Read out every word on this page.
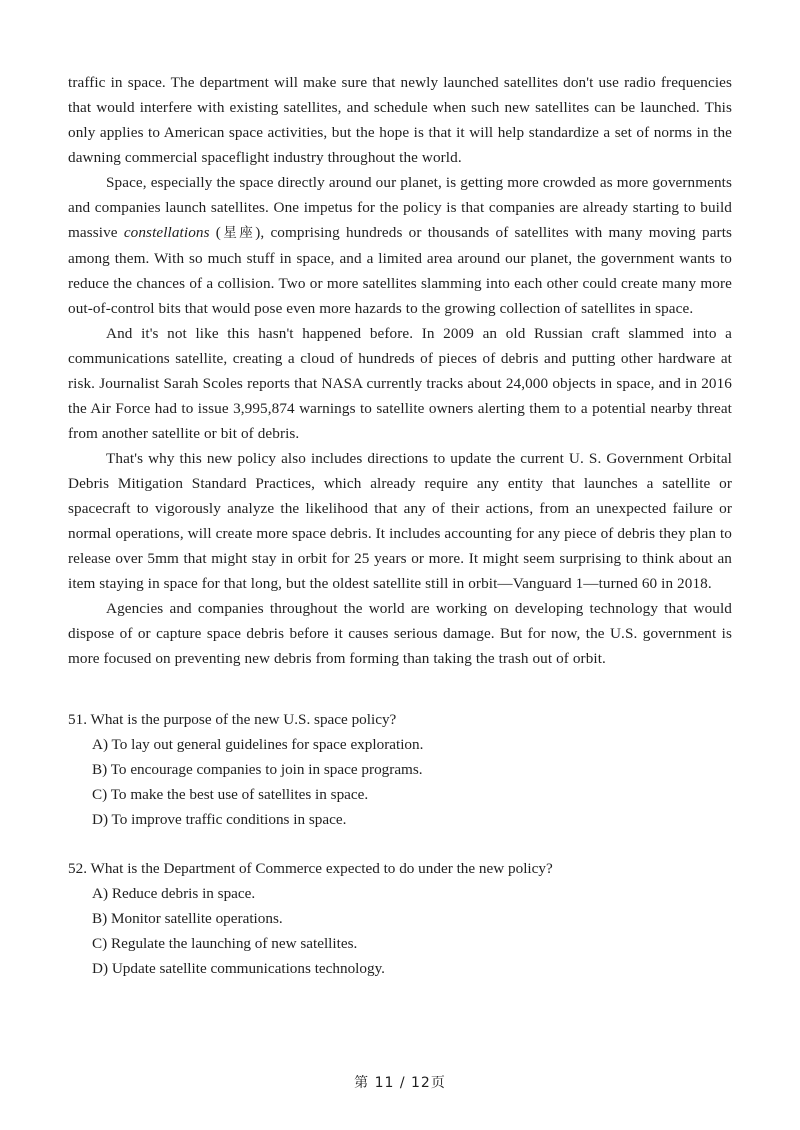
traffic in space. The department will make sure that newly launched satellites don't use radio frequencies that would interfere with existing satellites, and schedule when such new satellites can be launched. This only applies to American space activities, but the hope is that it will help standardize a set of norms in the dawning commercial spaceflight industry throughout the world.

Space, especially the space directly around our planet, is getting more crowded as more governments and companies launch satellites. One impetus for the policy is that companies are already starting to build massive constellations (星座), comprising hundreds or thousands of satellites with many moving parts among them. With so much stuff in space, and a limited area around our planet, the government wants to reduce the chances of a collision. Two or more satellites slamming into each other could create many more out-of-control bits that would pose even more hazards to the growing collection of satellites in space.

And it's not like this hasn't happened before. In 2009 an old Russian craft slammed into a communications satellite, creating a cloud of hundreds of pieces of debris and putting other hardware at risk. Journalist Sarah Scoles reports that NASA currently tracks about 24,000 objects in space, and in 2016 the Air Force had to issue 3,995,874 warnings to satellite owners alerting them to a potential nearby threat from another satellite or bit of debris.

That's why this new policy also includes directions to update the current U. S. Government Orbital Debris Mitigation Standard Practices, which already require any entity that launches a satellite or spacecraft to vigorously analyze the likelihood that any of their actions, from an unexpected failure or normal operations, will create more space debris. It includes accounting for any piece of debris they plan to release over 5mm that might stay in orbit for 25 years or more. It might seem surprising to think about an item staying in space for that long, but the oldest satellite still in orbit—Vanguard 1—turned 60 in 2018.

Agencies and companies throughout the world are working on developing technology that would dispose of or capture space debris before it causes serious damage. But for now, the U.S. government is more focused on preventing new debris from forming than taking the trash out of orbit.

51. What is the purpose of the new U.S. space policy?

A) To lay out general guidelines for space exploration.
B) To encourage companies to join in space programs.
C) To make the best use of satellites in space.
D) To improve traffic conditions in space.

52. What is the Department of Commerce expected to do under the new policy?

A) Reduce debris in space.
B) Monitor satellite operations.
C) Regulate the launching of new satellites.
D) Update satellite communications technology.
第 11 / 12页
